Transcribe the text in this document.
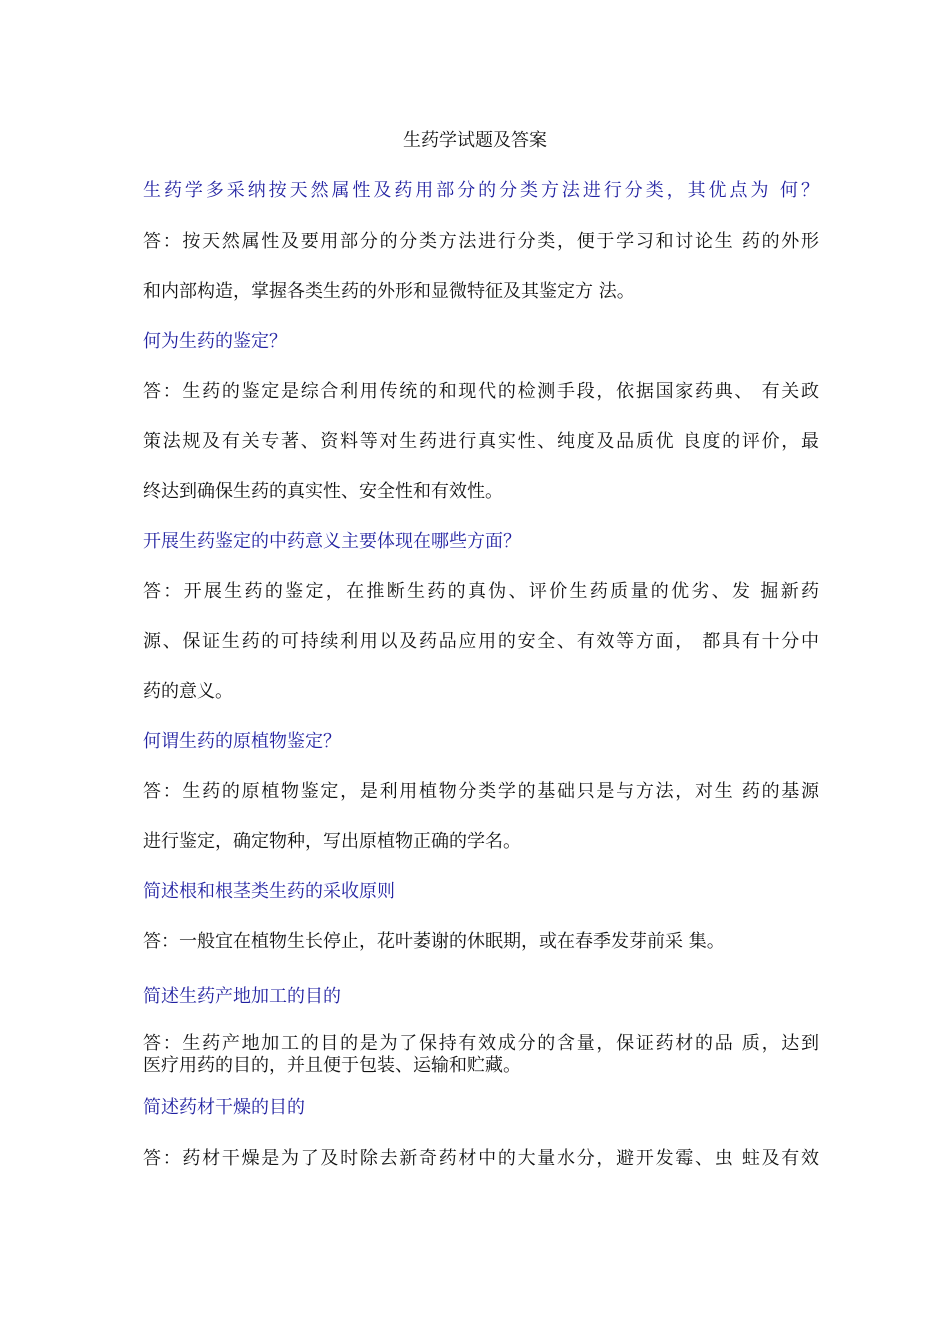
生药学试题及答案

生药学多采纳按天然属性及药用部分的分类方法进行分类，其优点为 何？

答：按天然属性及要用部分的分类方法进行分类，便于学习和讨论生 药的外形

和内部构造，掌握各类生药的外形和显微特征及其鉴定方 法。

何为生药的鉴定？

答：生药的鉴定是综合利用传统的和现代的检测手段，依据国家药典、 有关政

策法规及有关专著、资料等对生药进行真实性、纯度及品质优 良度的评价，最

终达到确保生药的真实性、安全性和有效性。

开展生药鉴定的中药意义主要体现在哪些方面？

答：开展生药的鉴定，在推断生药的真伪、评价生药质量的优劣、发 掘新药

源、保证生药的可持续利用以及药品应用的安全、有效等方面， 都具有十分中

药的意义。

何谓生药的原植物鉴定？

答：生药的原植物鉴定，是利用植物分类学的基础只是与方法，对生 药的基源

进行鉴定，确定物种，写出原植物正确的学名。

简述根和根茎类生药的采收原则

答：一般宜在植物生长停止，花叶萎谢的休眠期，或在春季发芽前采 集。

简述生药产地加工的目的

答：生药产地加工的目的是为了保持有效成分的含量，保证药材的品 质，达到

医疗用药的目的，并且便于包装、运输和贮藏。

简述药材干燥的目的

答：药材干燥是为了及时除去新奇药材中的大量水分，避开发霉、虫 蛀及有效
